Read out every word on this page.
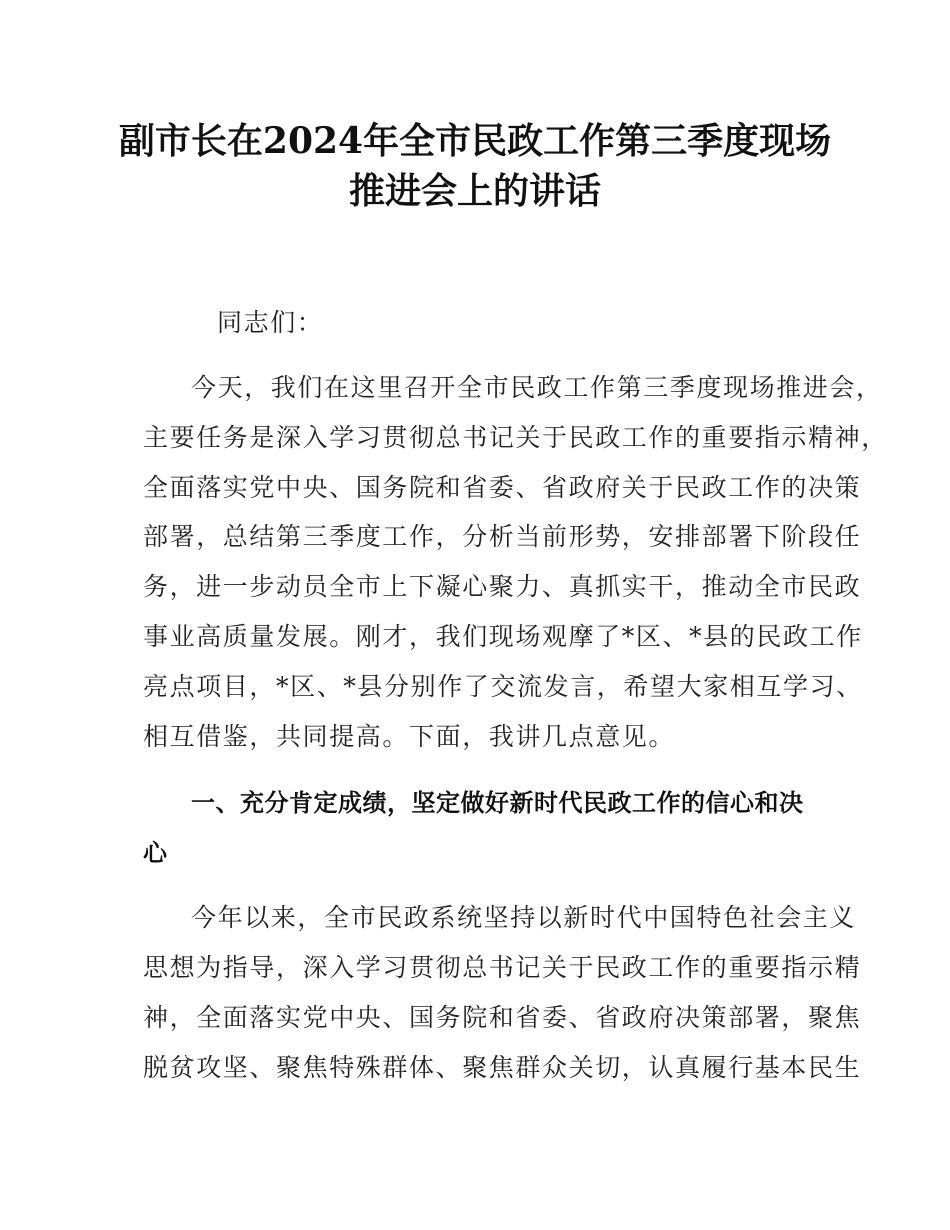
副市长在2024年全市民政工作第三季度现场
推进会上的讲话
同志们：
今天，我们在这里召开全市民政工作第三季度现场推进会，
主要任务是深入学习贯彻总书记关于民政工作的重要指示精神，
全面落实党中央、国务院和省委、省政府关于民政工作的决策
部署，总结第三季度工作，分析当前形势，安排部署下阶段任
务，进一步动员全市上下凝心聚力、真抓实干，推动全市民政
事业高质量发展。刚才，我们现场观摩了*区、*县的民政工作
亮点项目，*区、*县分别作了交流发言，希望大家相互学习、
相互借鉴，共同提高。下面，我讲几点意见。
一、充分肯定成绩，坚定做好新时代民政工作的信心和决
心
今年以来，全市民政系统坚持以新时代中国特色社会主义
思想为指导，深入学习贯彻总书记关于民政工作的重要指示精
神，全面落实党中央、国务院和省委、省政府决策部署，聚焦
脱贫攻坚、聚焦特殊群体、聚焦群众关切，认真履行基本民生
